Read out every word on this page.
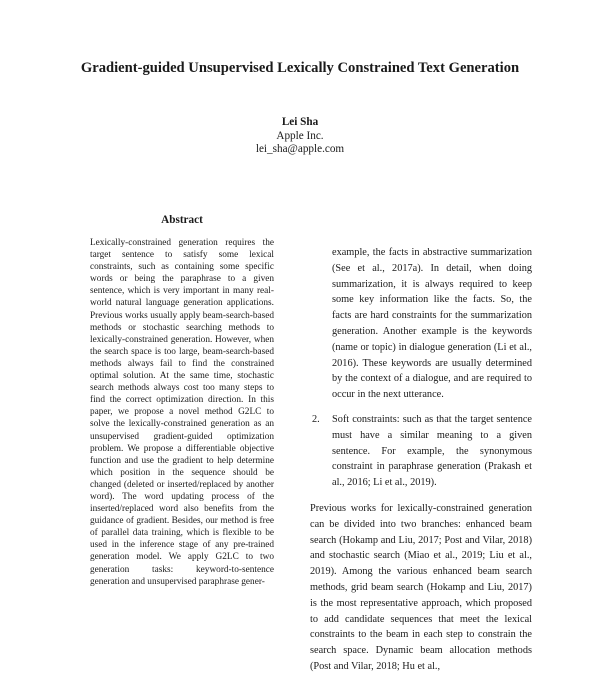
Gradient-guided Unsupervised Lexically Constrained Text Generation
Lei Sha
Apple Inc.
lei_sha@apple.com
Abstract

Lexically-constrained generation requires the target sentence to satisfy some lexical constraints, such as containing some specific words or being the paraphrase to a given sentence, which is very important in many real-world natural language generation applications. Previous works usually apply beam-search-based methods or stochastic searching methods to lexically-constrained generation. However, when the search space is too large, beam-search-based methods always fail to find the constrained optimal solution. At the same time, stochastic search methods always cost too many steps to find the correct optimization direction. In this paper, we propose a novel method G2LC to solve the lexically-constrained generation as an unsupervised gradient-guided optimization problem. We propose a differentiable objective function and use the gradient to help determine which position in the sequence should be changed (deleted or inserted/replaced by another word). The word updating process of the inserted/replaced word also benefits from the guidance of gradient. Besides, our method is free of parallel data training, which is flexible to be used in the inference stage of any pre-trained generation model. We apply G2LC to two generation tasks: keyword-to-sentence generation and unsupervised paraphrase gener-

example, the facts in abstractive summarization (See et al., 2017a). In detail, when doing summarization, it is always required to keep some key information like the facts. So, the facts are hard constraints for the summarization generation. Another example is the keywords (name or topic) in dialogue generation (Li et al., 2016). These keywords are usually determined by the context of a dialogue, and are required to occur in the next utterance.

2. Soft constraints: such as that the target sentence must have a similar meaning to a given sentence. For example, the synonymous constraint in paraphrase generation (Prakash et al., 2016; Li et al., 2019).

Previous works for lexically-constrained generation can be divided into two branches: enhanced beam search (Hokamp and Liu, 2017; Post and Vilar, 2018) and stochastic search (Miao et al., 2019; Liu et al., 2019). Among the various enhanced beam search methods, grid beam search (Hokamp and Liu, 2017) is the most representative approach, which proposed to add candidate sequences that meet the lexical constraints to the beam in each step to constrain the search space. Dynamic beam allocation methods (Post and Vilar, 2018; Hu et al.,
